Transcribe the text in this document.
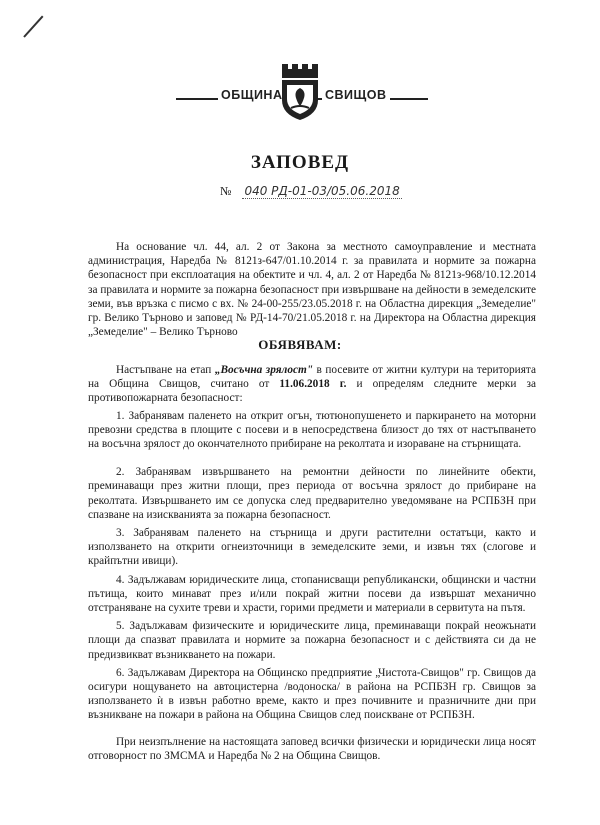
ОБЩИНА	СВИЩОВ
ЗАПОВЕД
№ 040 РД-01-03/05.06.2018

На основание чл. 44, ал. 2 от Закона за местното самоуправление и местната администрация, Наредба № 8121з-647/01.10.2014 г. за правилата и нормите за пожарна безопасност при експлоатация на обектите и чл. 4, ал. 2 от Наредба № 8121з-968/10.12.2014 за правилата и нормите за пожарна безопасност при извършване на дейности в земеделските земи, във връзка с писмо с вх. № 24-00-255/23.05.2018 г. на Областна дирекция „Земеделие" гр. Велико Търново и заповед № РД-14-70/21.05.2018 г. на Директора на Областна дирекция „Земеделие" – Велико Търново

ОБЯВЯВАМ:

Настъпване на етап „Восъчна зрялост" в посевите от житни култури на територията на Община Свищов, считано от 11.06.2018 г. и определям следните мерки за противопожарната безопасност:

1. Забранявам паленето на открит огън, тютюнопушенето и паркирането на моторни превозни средства в площите с посеви и в непосредствена близост до тях от настъпването на восъчна зрялост до окончателното прибиране на реколтата и изораване на стърнищата.

2. Забранявам извършването на ремонтни дейности по линейните обекти, преминаващи през житни площи, през периода от восъчна зрялост до прибиране на реколтата. Извършването им се допуска след предварително уведомяване на РСПБЗН при спазване на изискванията за пожарна безопасност.

3. Забранявам паленето на стърнища и други растителни остатъци, както и използването на открити огнеизточници в земеделските земи, и извън тях (слогове и крайпътни ивици).

4. Задължавам юридическите лица, стопанисващи републикански, общински и частни пътища, които минават през и/или покрай житни посеви да извършат механично отстраняване на сухите треви и храсти, горими предмети и материали в сервитута на пътя.

5. Задължавам физическите и юридическите лица, преминаващи покрай неожънати площи да спазват правилата и нормите за пожарна безопасност и с действията си да не предизвикват възникването на пожари.

6. Задължавам Директора на Общинско предприятие „Чистота-Свищов" гр. Свищов да осигури нощуването на автоцистерна /водоноска/ в района на РСПБЗН гр. Свищов за използването ѝ в извън работно време, както и през почивните и празничните дни при възникване на пожари в района на Община Свищов след поискване от РСПБЗН.

При неизпълнение на настоящата заповед всички физически и юридически лица носят отговорност по ЗМСМА и Наредба № 2 на Община Свищов.
